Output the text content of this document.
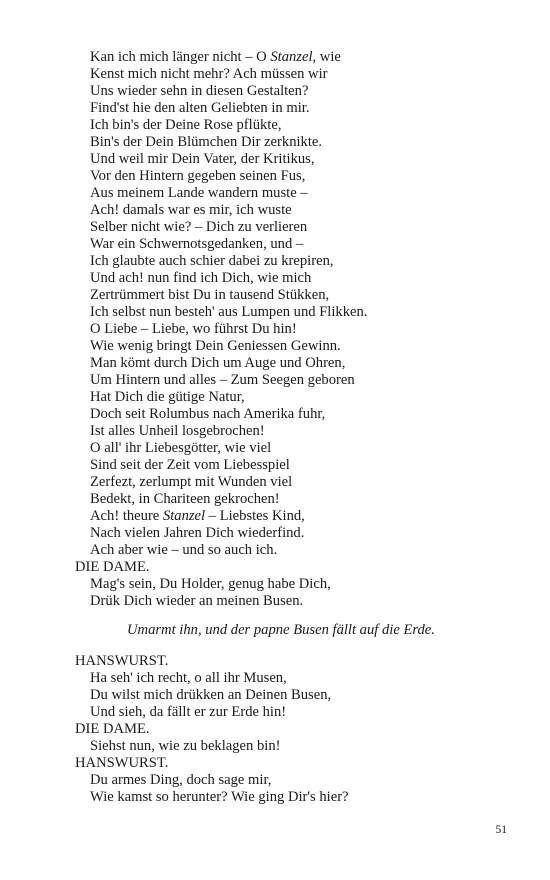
Kan ich mich länger nicht – O Stanzel, wie
Kenst mich nicht mehr? Ach müssen wir
Uns wieder sehn in diesen Gestalten?
Find'st hie den alten Geliebten in mir.
Ich bin's der Deine Rose pflükte,
Bin's der Dein Blümchen Dir zerknikte.
Und weil mir Dein Vater, der Kritikus,
Vor den Hintern gegeben seinen Fus,
Aus meinem Lande wandern muste –
Ach! damals war es mir, ich wuste
Selber nicht wie? – Dich zu verlieren
War ein Schwernotsgedanken, und –
Ich glaubte auch schier dabei zu krepiren,
Und ach! nun find ich Dich, wie mich
Zertrümmert bist Du in tausend Stükken,
Ich selbst nun besteh' aus Lumpen und Flikken.
O Liebe – Liebe, wo führst Du hin!
Wie wenig bringt Dein Geniessen Gewinn.
Man kömt durch Dich um Auge und Ohren,
Um Hintern und alles – Zum Seegen geboren
Hat Dich die gütige Natur,
Doch seit Rolumbus nach Amerika fuhr,
Ist alles Unheil losgebrochen!
O all' ihr Liebesgötter, wie viel
Sind seit der Zeit vom Liebesspiel
Zerfezt, zerlumpt mit Wunden viel
Bedekt, in Chariteen gekrochen!
Ach! theure Stanzel – Liebstes Kind,
Nach vielen Jahren Dich wiederfind.
Ach aber wie – und so auch ich.
DIE DAME.
Mag's sein, Du Holder, genug habe Dich,
Drük Dich wieder an meinen Busen.
Umarmt ihn, und der papne Busen fällt auf die Erde.
HANSWURST.
Ha seh' ich recht, o all ihr Musen,
Du wilst mich drükken an Deinen Busen,
Und sieh, da fällt er zur Erde hin!
DIE DAME.
Siehst nun, wie zu beklagen bin!
HANSWURST.
Du armes Ding, doch sage mir,
Wie kamst so herunter? Wie ging Dir's hier?
51
